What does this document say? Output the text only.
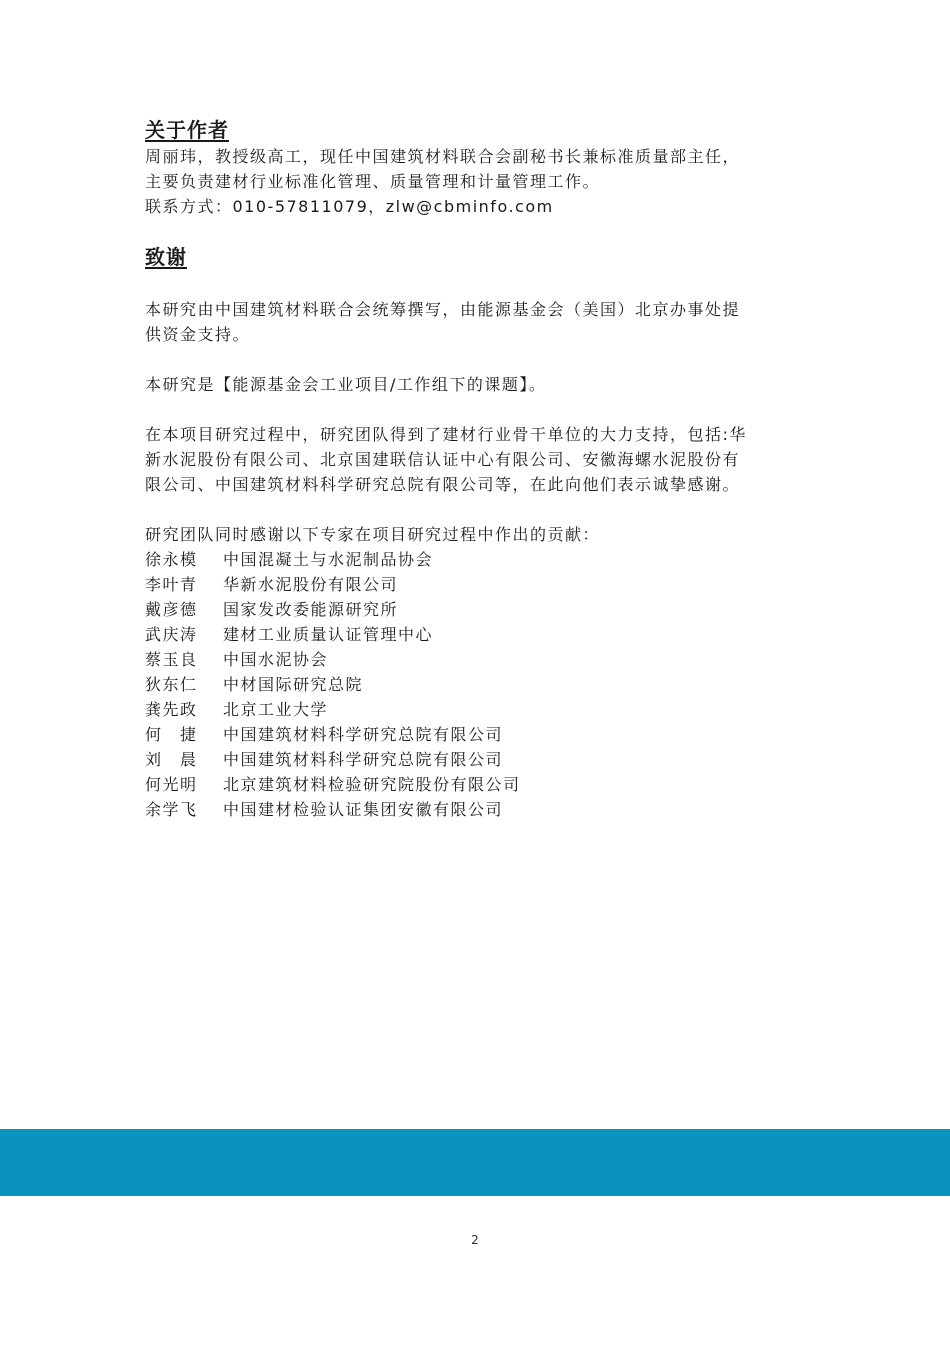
关于作者

周丽玮，教授级高工，现任中国建筑材料联合会副秘书长兼标准质量部主任，

主要负责建材行业标准化管理、质量管理和计量管理工作。

联系方式：010-57811079，zlw@cbminfo.com

致谢

本研究由中国建筑材料联合会统筹撰写，由能源基金会（美国）北京办事处提

供资金支持。

本研究是【能源基金会工业项目/工作组下的课题】。

在本项目研究过程中，研究团队得到了建材行业骨干单位的大力支持，包括:华

新水泥股份有限公司、北京国建联信认证中心有限公司、安徽海螺水泥股份有

限公司、中国建筑材料科学研究总院有限公司等，在此向他们表示诚挚感谢。

研究团队同时感谢以下专家在项目研究过程中作出的贡献：

徐永模	中国混凝土与水泥制品协会
李叶青	华新水泥股份有限公司
戴彦德	国家发改委能源研究所
武庆涛	建材工业质量认证管理中心
蔡玉良	中国水泥协会
狄东仁	中材国际研究总院
龚先政	北京工业大学
何　捷	中国建筑材料科学研究总院有限公司
刘　晨	中国建筑材料科学研究总院有限公司
何光明	北京建筑材料检验研究院股份有限公司
余学飞	中国建材检验认证集团安徽有限公司
2
